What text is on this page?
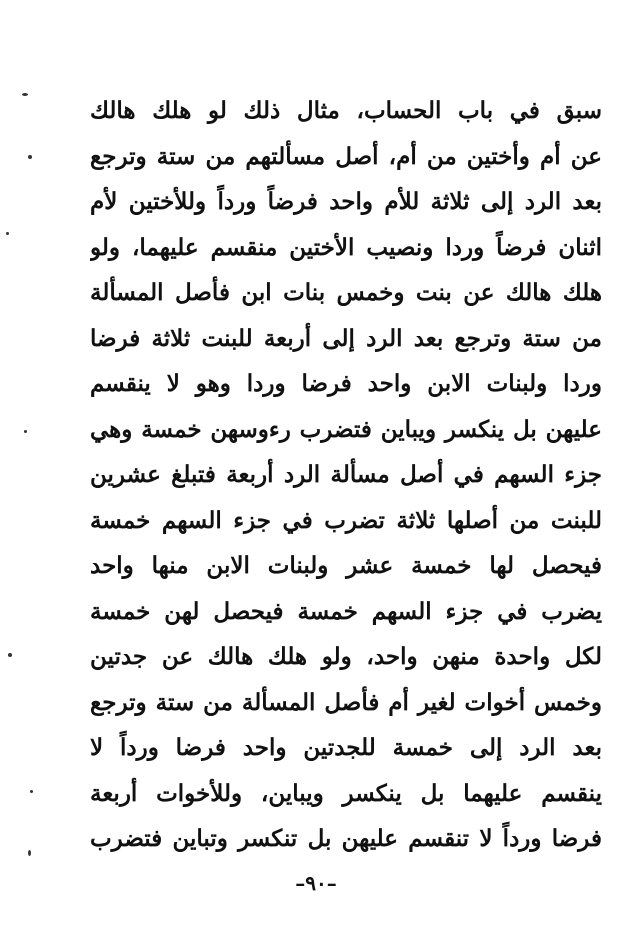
سبق في باب الحساب، مثال ذلك لو هلك هالك
عن أم وأختين من أم، أصل مسألتهم من ستة وترجع
بعد الرد إلى ثلاثة للأم واحد فرضاً ورداً وللأختين لأم
اثنان فرضاً وردا ونصيب الأختين منقسم عليهما، ولو
هلك هالك عن بنت وخمس بنات ابن فأصل المسألة
من ستة وترجع بعد الرد إلى أربعة للبنت ثلاثة فرضا
وردا ولبنات الابن واحد فرضا وردا وهو لا ينقسم
عليهن بل ينكسر ويباين فتضرب رءوسهن خمسة وهي
جزء السهم في أصل مسألة الرد أربعة فتبلغ عشرين
للبنت من أصلها ثلاثة تضرب في جزء السهم خمسة
فيحصل لها خمسة عشر ولبنات الابن منها واحد
يضرب في جزء السهم خمسة فيحصل لهن خمسة
لكل واحدة منهن واحد، ولو هلك هالك عن جدتين
وخمس أخوات لغير أم فأصل المسألة من ستة وترجع
بعد الرد إلى خمسة للجدتين واحد فرضا ورداً لا
ينقسم عليهما بل ينكسر ويباين، وللأخوات أربعة
فرضا ورداً لا تنقسم عليهن بل تنكسر وتباين فتضرب
–٩٠–
